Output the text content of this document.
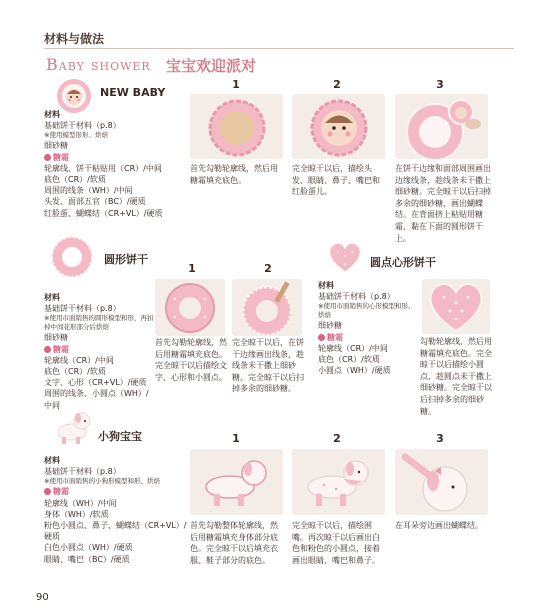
材料与做法
Baby shower 宝宝欢迎派对
NEW BABY
材料
基础饼干材料（p.8）
※使用模型形形、烘焙
细砂糖
糖霜
轮廓线、饼干粘贴用（CR）/中间
底色（CR）/软质
周围的线条（WH）/中间
头发、面部五官（BC）/硬质
红脸蛋、蝴蝶结（CR+VL）/硬质
1	2	3
首先勾勒轮廓线，然后用糖霜填充底色。
完全晾干以后，描绘头发、眼睛、鼻子、嘴巴和红脸蛋儿。
在饼干边缘和面部周围画出边缘线条，趁线条未干撒上细砂糖。完全晾干以后扫掉多余的细砂糖，画出蝴蝶结。在背面挤上粘贴用糖霜，黏在下面的圆形饼干上。
圆形饼干
材料
基础饼干材料（p.8）
※使用市面销售的圆形模型和形，再扣掉中间花形部分后烘焙
细砂糖
糖霜
轮廓线（CR）/中间
底色（CR）/软质
文字、心形（CR+VL）/硬质
周围的线条、小圆点（WH）/
中间
1	2
首先勾勒轮廓线，然后用糖霜填充底色。完全晾干以后描绘文字、心形和小圆点。
完全晾干以后，在饼干边缘画出线条，趁线条未干撒上细砂糖。完全晾干以后扫掉多余的细砂糖。
圆点心形饼干
材料
基础饼干材料（p.8）
※使用市面销售的心形模型和形、烘焙
细砂糖
糖霜
轮廓线（CR）/中间
底色（CR）/软质
小圆点（WH）/硬质
勾勒轮廓线，然后用糖霜填充底色。完全晾干以后描绘小圆点，趁圆点未干撒上细砂糖。完全晾干以后扫掉多余的细砂糖。
小狗宝宝
材料
基础饼干材料（p.8）
※使用市面销售的小狗形模型和形、烘焙
糖霜
轮廓线（WH）/中间
身体（WH）/软质
粉色小圆点、鼻子、蝴蝶结（CR+VL）/
硬质
白色小圆点（WH）/硬质
眼睛、嘴巴（BC）/硬质
1	2	3
首先勾勒整体轮廓线，然后用糖霜填充身体部分底色。完全晾干以后填充衣服、鞋子部分的底色。
完全晾干以后，描绘围嘴。再次晾干以后画出白色和粉色的小圆点，接着画出眼睛、嘴巴和鼻子。
在耳朵旁边画出蝴蝶结。
90
